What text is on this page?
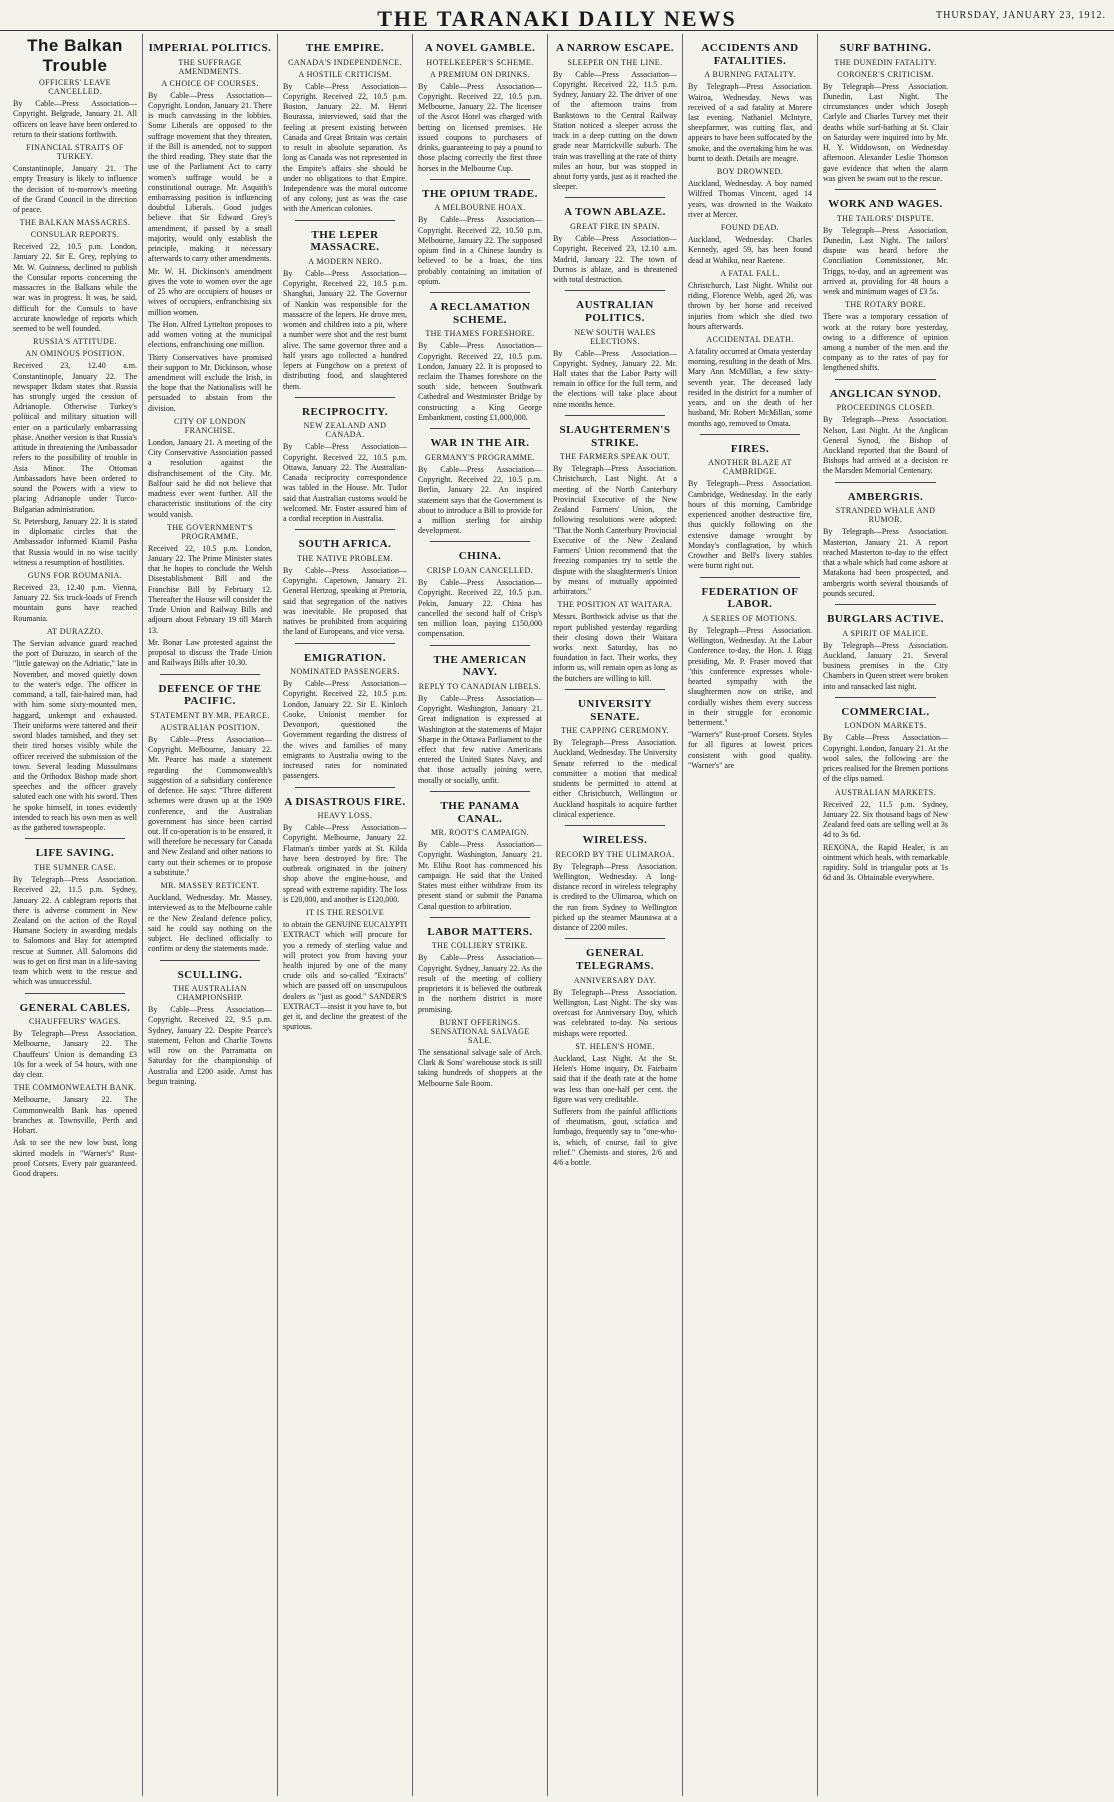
THE TARANAKI DAILY NEWS	THURSDAY, JANUARY 23, 1912.
The Balkan Trouble
OFFICERS' LEAVE CANCELLED.
By Cable—Press Association—Copyright. Belgrade, January 21. All officers on leave have been ordered to return to their stations forthwith.
FINANCIAL STRAITS OF TURKEY.
Constantinople, January 21. The empty Treasury is likely to influence the decision of to-morrow's meeting of the Grand Council in the direction of peace.
THE BALKAN MASSACRES.
CONSULAR REPORTS.
Received 22, 10.5 p.m. London, January 22. Sir E. Grey, replying to Mr. W. Guinness, declined to publish the Consular reports concerning the massacres in the Balkans while the war was in progress. It was, he said, difficult for the Consuls to have accurate knowledge of reports which seemed to be well founded.
RUSSIA'S ATTITUDE.
AN OMINOUS POSITION.
Received 23, 12.40 a.m. Constantinople, January 22. The newspaper Ikdam states that Russia has strongly urged the cession of Adrianople. Otherwise Turkey's political and military situation will enter on a particularly embarrassing phase. Another version is that Russia's attitude in threatening the Ambassador refers to the possibility of trouble in Asia Minor. The Ottoman Ambassadors have been ordered to sound the Powers with a view to placing Adrianople under Turco-Bulgarian administration.
St. Petersburg, January 22. It is stated in diplomatic circles that the Ambassador informed Kiamil Pasha that Russia would in no wise tacitly witness a resumption of hostilities.
GUNS FOR ROUMANIA.
Received 23, 12.40 p.m. Vienna, January 22. Six truck-loads of French mountain guns have reached Roumania.
AT DURAZZO.
The Servian advance guard reached the port of Durazzo, in search of the "little gateway on the Adriatic," late in November, and moved quietly down to the water's edge. The officer in command, a tall, fair-haired man, had with him some sixty-mounted men, haggard, unkempt and exhausted. Their uniforms were tattered and their sword blades tarnished, and they set their tired horses visibly while the officer received the submission of the town. Several leading Mussulmans and the Orthodox Bishop made short speeches and the officer gravely saluted each one with his sword. Then he spoke himself, in tones evidently intended to reach his own men as well as the gathered townspeople.
LIFE SAVING.
THE SUMNER CASE.
By Telegraph—Press Association. Received 22, 11.5 p.m. Sydney, January 22. A cablegram reports that there is adverse comment in New Zealand on the action of the Royal Humane Society in awarding medals to Salomons and Hay for attempted rescue at Sumner. All Salomons did was to get on first man in a life-saving team which went to the rescue and which was unsuccessful.
GENERAL CABLES.
CHAUFFEURS' WAGES.
By Telegraph—Press Association. Melbourne, January 22. The Chauffeurs' Union is demanding £3 10s for a week of 54 hours, with one day clear.
THE COMMONWEALTH BANK.
Melbourne, January 22. The Commonwealth Bank has opened branches at Townsville, Perth and Hobart.
Ask to see the new low bust, long skirted models in "Warner's" Rust-proof Corsets. Every pair guaranteed. Good drapers.
IMPERIAL POLITICS.
THE SUFFRAGE AMENDMENTS.
A CHOICE OF COURSES.
By Cable—Press Association—Copyright. London, January 21. There is much canvassing in the lobbies. Some Liberals are opposed to the suffrage movement that they threaten, if the Bill is amended, not to support the third reading. They state that the use of the Parliament Act to carry women's suffrage would be a constitutional outrage. Mr. Asquith's embarrassing position is influencing doubtful Liberals. Good judges believe that Sir Edward Grey's amendment, if passed by a small majority, would only establish the principle, making it necessary afterwards to carry other amendments.
Mr. W. H. Dickinson's amendment gives the vote to women over the age of 25 who are occupiers of houses or wives of occupiers, enfranchising six million women.
The Hon. Alfred Lyttelton proposes to add women voting at the municipal elections, enfranchising one million.
Thirty Conservatives have promised their support to Mr. Dickinson, whose amendment will exclude the Irish, in the hope that the Nationalists will be persuaded to abstain from the division.
CITY OF LONDON FRANCHISE.
London, January 21. A meeting of the City Conservative Association passed a resolution against the disfranchisement of the City. Mr. Balfour said he did not believe that madness ever went further. All the characteristic institutions of the city would vanish.
THE GOVERNMENT'S PROGRAMME.
Received 22, 10.5 p.m. London, January 22. The Prime Minister states that he hopes to conclude the Welsh Disestablishment Bill and the Franchise Bill by February 12. Thereafter the House will consider the Trade Union and Railway Bills and adjourn about February 19 till March 13.
Mr. Bonar Law protested against the proposal to discuss the Trade Union and Railways Bills after 10.30.
DEFENCE OF THE PACIFIC.
STATEMENT BY MR. PEARCE.
AUSTRALIAN POSITION.
By Cable—Press Association—Copyright. Melbourne, January 22. Mr. Pearce has made a statement regarding the Commonwealth's suggestion of a subsidiary conference of defence. He says: "Three different schemes were drawn up at the 1909 conference, and the Australian government has since been carried out. If co-operation is to be ensured, it will therefore be necessary for Canada and New Zealand and other nations to carry out their schemes or to propose a substitute."
MR. MASSEY RETICENT.
Auckland, Wednesday. Mr. Massey, interviewed as to the Melbourne cable re the New Zealand defence policy, said he could say nothing on the subject. He declined officially to confirm or deny the statements made.
SCULLING.
THE AUSTRALIAN CHAMPIONSHIP.
By Cable—Press Association—Copyright. Received 22, 9.5 p.m. Sydney, January 22. Despite Pearce's statement, Felton and Charlie Towns will row on the Parramatta on Saturday for the championship of Australia and £200 aside. Arnst has begun training.
THE EMPIRE.
CANADA'S INDEPENDENCE.
A HOSTILE CRITICISM.
By Cable—Press Association—Copyright. Received 22, 10.5 p.m. Boston, January 22. M. Henri Bourassa, interviewed, said that the feeling at present existing between Canada and Great Britain was certain to result in absolute separation. As long as Canada was not represented in the Empire's affairs she should be under no obligations to that Empire. Independence was the moral outcome of any colony, just as was the case with the American colonies.
THE LEPER MASSACRE.
A MODERN NERO.
By Cable—Press Association—Copyright. Received 22, 10.5 p.m. Shanghai, January 22. The Governor of Nankin was responsible for the massacre of the lepers. He drove men, women and children into a pit, where a number were shot and the rest burnt alive. The same governor three and a half years ago collected a hundred lepers at Fungchow on a pretext of distributing food, and slaughtered them.
RECIPROCITY.
NEW ZEALAND AND CANADA.
By Cable—Press Association—Copyright. Received 22, 10.5 p.m. Ottawa, January 22. The Australian-Canada reciprocity correspondence was tabled in the House. Mr. Tudor said that Australian customs would be welcomed. Mr. Foster assured him of a cordial reception in Australia.
SOUTH AFRICA.
THE NATIVE PROBLEM.
By Cable—Press Association—Copyright. Capetown, January 21. General Hertzog, speaking at Pretoria, said that segregation of the natives was inevitable. He proposed that natives be prohibited from acquiring the land of Europeans, and vice versa.
EMIGRATION.
NOMINATED PASSENGERS.
By Cable—Press Association—Copyright. Received 22, 10.5 p.m. London, January 22. Sir E. Kinloch Cooke, Unionist member for Devonport, questioned the Government regarding the distress of the wives and families of many emigrants to Australia owing to the increased rates for nominated passengers.
A DISASTROUS FIRE.
HEAVY LOSS.
By Cable—Press Association—Copyright. Melbourne, January 22. Flatman's timber yards at St. Kilda have been destroyed by fire. The outbreak originated in the joinery shop above the engine-house, and spread with extreme rapidity. The loss is £20,000, and another is £120,000.
IT IS THE RESOLVE
to obtain the GENUINE EUCALYPTI EXTRACT which will procure for you a remedy of sterling value and will protect you from having your health injured by one of the many crude oils and so-called "Extracts" which are passed off on unscrupulous dealers as "just as good." SANDER'S EXTRACT—insist it you have to, but get it, and decline the greatest of the spurious.
A NOVEL GAMBLE.
HOTELKEEPER'S SCHEME.
A PREMIUM ON DRINKS.
By Cable—Press Association—Copyright. Received 22, 10.5 p.m. Melbourne, January 22. The licensee of the Ascot Hotel was charged with betting on licensed premises. He issued coupons to purchasers of drinks, guaranteeing to pay a pound to those placing correctly the first three horses in the Melbourne Cup.
THE OPIUM TRADE.
A MELBOURNE HOAX.
By Cable—Press Association—Copyright. Received 22, 10.50 p.m. Melbourne, January 22. The supposed opium find in a Chinese laundry is believed to be a hoax, the tins probably containing an imitation of opium.
A RECLAMATION SCHEME.
THE THAMES FORESHORE.
By Cable—Press Association—Copyright. Received 22, 10.5 p.m. London, January 22. It is proposed to reclaim the Thames foreshore on the south side, between Southwark Cathedral and Westminster Bridge by constructing a King George Embankment, costing £1,000,000.
WAR IN THE AIR.
GERMANY'S PROGRAMME.
By Cable—Press Association—Copyright. Received 22, 10.5 p.m. Berlin, January 22. An inspired statement says that the Government is about to introduce a Bill to provide for a million sterling for airship development.
CHINA.
CRISP LOAN CANCELLED.
By Cable—Press Association—Copyright. Received 22, 10.5 p.m. Pekin, January 22. China has cancelled the second half of Crisp's ten million loan, paying £150,000 compensation.
THE AMERICAN NAVY.
REPLY TO CANADIAN LIBELS.
By Cable—Press Association—Copyright. Washington, January 21. Great indignation is expressed at Washington at the statements of Major Sharpe in the Ottawa Parliament to the effect that few native Americans entered the United States Navy, and that those actually joining were, morally or socially, unfit.
THE PANAMA CANAL.
MR. ROOT'S CAMPAIGN.
By Cable—Press Association—Copyright. Washington, January 21. Mr. Elihu Root has commenced his campaign. He said that the United States must either withdraw from its present stand or submit the Panama Canal question to arbitration.
LABOR MATTERS.
THE COLLIERY STRIKE.
By Cable—Press Association—Copyright. Sydney, January 22. As the result of the meeting of colliery proprietors it is believed the outbreak in the northern district is more promising.
BURNT OFFERINGS. SENSATIONAL SALVAGE SALE.
The sensational salvage sale of Arch. Clark & Sons' warehouse stock is still taking hundreds of shoppers at the Melbourne Sale Room.
A NARROW ESCAPE.
SLEEPER ON THE LINE.
By Cable—Press Association—Copyright. Received 22, 11.5 p.m. Sydney, January 22. The driver of one of the afternoon trains from Bankstown to the Central Railway Station noticed a sleeper across the track in a deep cutting on the down grade near Marrickville suburb. The train was travelling at the rate of thirty miles an hour, but was stopped in about forty yards, just as it reached the sleeper.
A TOWN ABLAZE.
GREAT FIRE IN SPAIN.
By Cable—Press Association—Copyright. Received 23, 12.10 a.m. Madrid, January 22. The town of Durnos is ablaze, and is threatened with total destruction.
AUSTRALIAN POLITICS.
NEW SOUTH WALES ELECTIONS.
By Cable—Press Association—Copyright. Sydney, January 22. Mr. Hall states that the Labor Party will remain in office for the full term, and the elections will take place about nine months hence.
SLAUGHTERMEN'S STRIKE.
THE FARMERS SPEAK OUT.
By Telegraph—Press Association. Christchurch, Last Night. At a meeting of the North Canterbury Provincial Executive of the New Zealand Farmers' Union, the following resolutions were adopted: "That the North Canterbury Provincial Executive of the New Zealand Farmers' Union recommend that the freezing companies try to settle the dispute with the slaughtermen's Union by means of mutually appointed arbitrators."
THE POSITION AT WAITARA.
Messrs. Borthwick advise us that the report published yesterday regarding their closing down their Waitara works next Saturday, has no foundation in fact. Their works, they inform us, will remain open as long as the butchers are willing to kill.
UNIVERSITY SENATE.
THE CAPPING CEREMONY.
By Telegraph—Press Association. Auckland, Wednesday. The University Senate referred to the medical committee a motion that medical students be permitted to attend at either Christchurch, Wellington or Auckland hospitals to acquire further clinical experience.
WIRELESS.
RECORD BY THE ULIMAROA.
By Telegraph—Press Association. Wellington, Wednesday. A long-distance record in wireless telegraphy is credited to the Ulimaroa, which on the run from Sydney to Wellington picked up the steamer Maunawa at a distance of 2200 miles.
GENERAL TELEGRAMS.
ANNIVERSARY DAY.
By Telegraph—Press Association. Wellington, Last Night. The sky was overcast for Anniversary Day, which was celebrated to-day. No serious mishaps were reported.
ST. HELEN'S HOME.
Auckland, Last Night. At the St. Helen's Home inquiry, Dr. Fairbairn said that if the death rate at the home was less than one-half per cent. the figure was very creditable.
Sufferers from the painful afflictions of rheumatism, gout, sciatica and lumbago, frequently say to "one-who-is, which, of course, fail to give relief." Chemists and stores, 2/6 and 4/6 a bottle.
ACCIDENTS AND FATALITIES.
A BURNING FATALITY.
By Telegraph—Press Association. Wairoa, Wednesday. News was received of a sad fatality at Morere last evening. Nathaniel McIntyre, sheepfarmer, was cutting flax, and appears to have been suffocated by the smoke, and the overtaking him he was burnt to death. Details are meagre.
BOY DROWNED.
Auckland, Wednesday. A boy named Wilfred Thomas Vincent, aged 14 years, was drowned in the Waikato river at Mercer.
FOUND DEAD.
Auckland, Wednesday. Charles Kennedy, aged 59, has been found dead at Wahiku, near Raetene.
A FATAL FALL.
Christchurch, Last Night. Whilst out riding, Florence Webb, aged 26, was thrown by her horse and received injuries from which she died two hours afterwards.
ACCIDENTAL DEATH.
A fatality occurred at Omata yesterday morning, resulting in the death of Mrs. Mary Ann McMillan, a few sixty-seventh year. The deceased lady resided in the district for a number of years, and on the death of her husband, Mr. Robert McMillan, some months ago, removed to Omata.
FIRES.
ANOTHER BLAZE AT CAMBRIDGE.
By Telegraph—Press Association. Cambridge, Wednesday. In the early hours of this morning, Cambridge experienced another destructive fire, thus quickly following on the extensive damage wrought by Monday's conflagration, by which Crowther and Bell's livery stables were burnt right out.
FEDERATION OF LABOR.
A SERIES OF MOTIONS.
By Telegraph—Press Association. Wellington, Wednesday. At the Labor Conference to-day, the Hon. J. Rigg presiding, Mr. P. Fraser moved that "this conference expresses whole-hearted sympathy with the slaughtermen now on strike, and cordially wishes them every success in their struggle for economic betterment."
"Warner's" Rust-proof Corsets. Styles for all figures at lowest prices consistent with good quality. "Warner's" are
SURF BATHING.
THE DUNEDIN FATALITY.
CORONER'S CRITICISM.
By Telegraph—Press Association. Dunedin, Last Night. The circumstances under which Joseph Carlyle and Charles Turvey met their deaths while surf-bathing at St. Clair on Saturday were inquired into by Mr. H. Y. Widdowson, on Wednesday afternoon. Alexander Leslie Thomson gave evidence that when the alarm was given he swam out to the rescue.
WORK AND WAGES.
THE TAILORS' DISPUTE.
By Telegraph—Press Association. Dunedin, Last Night. The tailors' dispute was heard before the Conciliation Commissioner, Mr. Triggs, to-day, and an agreement was arrived at, providing for 48 hours a week and minimum wages of £3 5s.
THE ROTARY BORE.
There was a temporary cessation of work at the rotary bore yesterday, owing to a difference of opinion among a number of the men and the company as to the rates of pay for lengthened shifts.
ANGLICAN SYNOD.
PROCEEDINGS CLOSED.
By Telegraph—Press Association. Nelson, Last Night. At the Anglican General Synod, the Bishop of Auckland reported that the Board of Bishops had arrived at a decision re the Marsden Memorial Centenary.
AMBERGRIS.
STRANDED WHALE AND RUMOR.
By Telegraph—Press Association. Masterton, January 21. A report reached Masterton to-day to the effect that a whale which had come ashore at Matakona had been prospected, and ambergris worth several thousands of pounds secured.
BURGLARS ACTIVE.
A SPIRIT OF MALICE.
By Telegraph—Press Association. Auckland, January 21. Several business premises in the City Chambers in Queen street were broken into and ransacked last night.
COMMERCIAL.
LONDON MARKETS.
By Cable—Press Association—Copyright. London, January 21. At the wool sales, the following are the prices realised for the Bremen portions of the clips named.
AUSTRALIAN MARKETS.
Received 22, 11.5 p.m. Sydney, January 22. Six thousand bags of New Zealand feed oats are selling well at 3s 4d to 3s 6d.
REXONA, the Rapid Healer, is an ointment which heals, with remarkable rapidity. Sold in triangular pots at 1s 6d and 3s. Obtainable everywhere.
